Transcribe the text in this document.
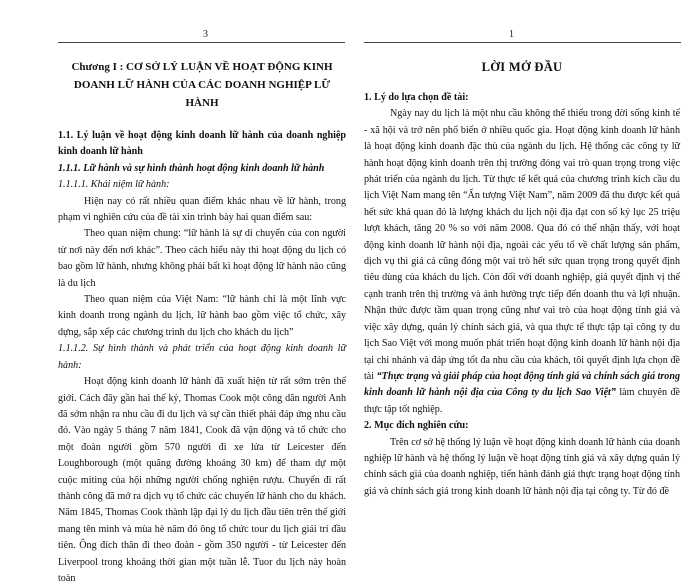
3
Chương I : CƠ SỞ LÝ LUẬN VỀ HOẠT ĐỘNG KINH
DOANH LỮ HÀNH CỦA CÁC DOANH NGHIỆP LỮ HÀNH

1.1. Lý luận về hoạt động kinh doanh lữ hành của doanh nghiệp kinh doanh lữ hành

1.1.1. Lữ hành và sự hình thành hoạt động kinh doanh lữ hành

1.1.1.1. Khái niệm lữ hành:

Hiện nay có rất nhiều quan điểm khác nhau về lữ hành, trong phạm vi nghiên cứu của đề tài xin trình bày hai quan điểm sau:

Theo quan niệm chung: “lữ hành là sự di chuyển của con người từ nơi này đến nơi khác”. Theo cách hiểu này thì hoạt động du lịch có bao gồm lữ hành, nhưng không phải bất kì hoạt động lữ hành nào cũng là du lịch

Theo quan niệm của Việt Nam: “lữ hành chỉ là một lĩnh vực kinh doanh trong ngành du lịch, lữ hành bao gồm việc tổ chức, xây dựng, sắp xếp các chương trình du lịch cho khách du lịch”

1.1.1.2. Sự hình thành và phát triển của hoạt động kinh doanh lữ hành:

Hoạt động kinh doanh lữ hành đã xuất hiện từ rất sớm trên thế giới. Cách đây gần hai thế kỷ, Thomas Cook một công dân người Anh đã sớm nhận ra nhu cầu đi du lịch và sự cần thiết phải đáp ứng nhu cầu đó. Vào ngày 5 tháng 7 năm 1841, Cook đã vận động và tổ chức cho một đoàn người gồm 570 người đi xe lửa từ Leicester đến Loughborough (một quãng đường khoảng 30 km) để tham dự một cuộc miting của hội những người chống nghiện rượu. Chuyến đi rất thành công đã mở ra dịch vụ tổ chức các chuyến lữ hành cho du khách. Năm 1845, Thomas Cook thành lập đại lý du lịch đầu tiên trên thế giới mang tên mình và mùa hè năm đó ông tổ chức tour du lịch giải trí đầu tiên. Ông đích thân đi theo đoàn - gồm 350 người - từ Leicester đến Liverpool trong khoảng thời gian một tuần lễ. Tuor du lịch này hoàn toàn

1
LỜI MỞ ĐẦU

1. Lý do lựa chọn đề tài:

Ngày nay du lịch là một nhu cầu không thể thiếu trong đời sống kinh tế - xã hội và trở nên phổ biến ở nhiều quốc gia. Hoạt động kinh doanh lữ hành là hoạt động kinh doanh đặc thù của ngành du lịch. Hệ thống các công ty lữ hành hoạt động kinh doanh trên thị trường đóng vai trò quan trọng trong việc phát triển của ngành du lịch. Từ thực tế kết quả của chương trình kích cầu du lịch Việt Nam mang tên “Ấn tượng Việt Nam”, năm 2009 đã thu được kết quả hết sức khả quan đó là lượng khách du lịch nội địa đạt con số kỷ lục 25 triệu lượt khách, tăng 20 % so với năm 2008. Qua đó có thể nhận thấy, với hoạt động kinh doanh lữ hành nội địa, ngoài các yếu tố về chất lượng sản phẩm, dịch vụ thì giá cả cũng đóng một vai trò hết sức quan trọng trong quyết định tiêu dùng của khách du lịch. Còn đối với doanh nghiệp, giá quyết định vị thế cạnh tranh trên thị trường và ảnh hưởng trực tiếp đến doanh thu và lợi nhuận. Nhận thức được tầm quan trọng cũng như vai trò của hoạt động tính giá và việc xây dựng, quản lý chính sách giá, và qua thực tế thực tập tại công ty du lịch Sao Việt với mong muốn phát triển hoạt động kinh doanh lữ hành nội địa tại chi nhánh và đáp ứng tốt đa nhu cầu của khách, tôi quyết định lựa chọn đề tài “Thực trạng và giải pháp của hoạt động tính giá và chính sách giá trong kinh doanh lữ hành nội địa của Công ty du lịch Sao Việt” làm chuyên đề thực tập tốt nghiệp.

2. Mục đích nghiên cứu:

Trên cơ sở hệ thống lý luận về hoạt động kinh doanh lữ hành của doanh nghiệp lữ hành và hệ thống lý luận về hoạt động tính giá và xây dựng quản lý chính sách giá của doanh nghiệp, tiến hành đánh giá thực trạng hoạt động tính giá và chính sách giá trong kinh doanh lữ hành nội địa tại công ty. Từ đó đề
